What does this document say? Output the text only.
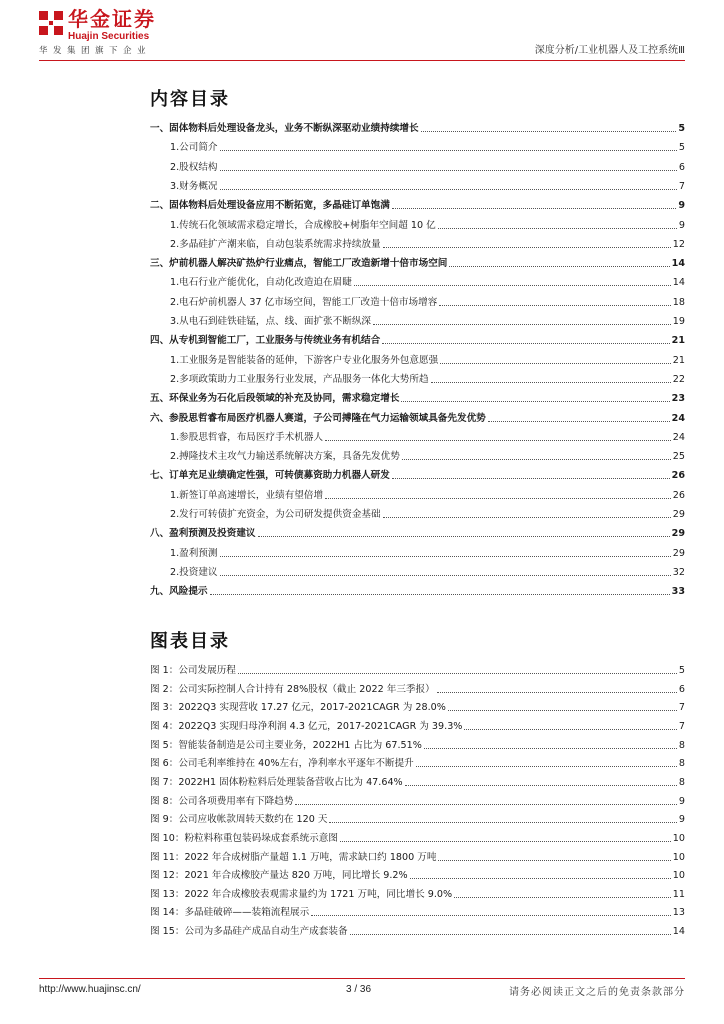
华金证券
Huajin Securities
华发集团旗下企业	深度分析/工业机器人及工控系统Ⅲ
内容目录
一、固体物料后处理设备龙头，业务不断纵深驱动业绩持续增长	5
1.公司简介	5
2.股权结构	6
3.财务概况	7
二、固体物料后处理设备应用不断拓宽，多晶硅订单饱满	9
1.传统石化领域需求稳定增长，合成橡胶+树脂年空间超 10 亿	9
2.多晶硅扩产潮来临，自动包装系统需求持续放量	12
三、炉前机器人解决矿热炉行业痛点，智能工厂改造新增十倍市场空间	14
1.电石行业产能优化，自动化改造迫在眉睫	14
2.电石炉前机器人 37 亿市场空间，智能工厂改造十倍市场增容	18
3.从电石到硅铁硅锰，点、线、面扩张不断纵深	19
四、从专机到智能工厂，工业服务与传统业务有机结合	21
1.工业服务是智能装备的延伸，下游客户专业化服务外包意愿强	21
2.多项政策助力工业服务行业发展，产品服务一体化大势所趋	22
五、环保业务为石化后段领域的补充及协同，需求稳定增长	23
六、参股思哲睿布局医疗机器人赛道，子公司搏隆在气力运输领域具备先发优势	24
1.参股思哲睿，布局医疗手术机器人	24
2.搏隆技术主攻气力输送系统解决方案，具备先发优势	25
七、订单充足业绩确定性强，可转债募资助力机器人研发	26
1.新签订单高速增长，业绩有望倍增	26
2.发行可转债扩充资金，为公司研发提供资金基础	29
八、盈利预测及投资建议	29
1.盈利预测	29
2.投资建议	32
九、风险提示	33
图表目录
图 1：公司发展历程	5
图 2：公司实际控制人合计持有 28%股权（截止 2022 年三季报）	6
图 3：2022Q3 实现营收 17.27 亿元，2017-2021CAGR 为 28.0%	7
图 4：2022Q3 实现归母净利润 4.3 亿元，2017-2021CAGR 为 39.3%	7
图 5：智能装备制造是公司主要业务，2022H1 占比为 67.51%	8
图 6：公司毛利率维持在 40%左右，净利率水平逐年不断提升	8
图 7：2022H1 固体粉粒料后处理装备营收占比为 47.64%	8
图 8：公司各项费用率有下降趋势	9
图 9：公司应收帐款周转天数约在 120 天	9
图 10：粉粒料称重包装码垛成套系统示意图	10
图 11：2022 年合成树脂产量超 1.1 万吨，需求缺口约 1800 万吨	10
图 12：2021 年合成橡胶产量达 820 万吨，同比增长 9.2%	10
图 13：2022 年合成橡胶表观需求量约为 1721 万吨，同比增长 9.0%	11
图 14：多晶硅破碎——装箱流程展示	13
图 15：公司为多晶硅产成品自动生产成套装备	14
http://www.huajinsc.cn/	3 / 36	请务必阅读正文之后的免责条款部分
